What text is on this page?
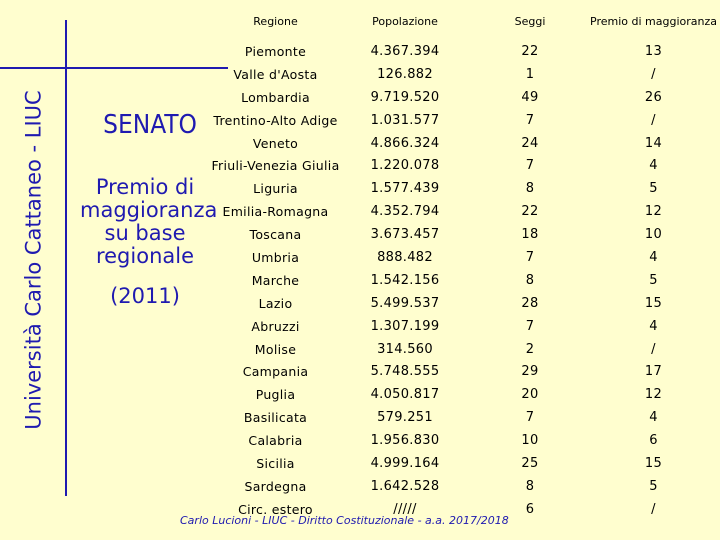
Università Carlo Cattaneo - LIUC	SENATO
Premio di
maggioranza
su base
regionale
(2011)
Regione	Popolazione	Seggi	Premio di maggioranza
Piemonte	4.367.394	22	13
Valle d'Aosta	126.882	1	/
Lombardia	9.719.520	49	26
Trentino-Alto Adige	1.031.577	7	/
Veneto	4.866.324	24	14
Friuli-Venezia Giulia	1.220.078	7	4
Liguria	1.577.439	8	5
Emilia-Romagna	4.352.794	22	12
Toscana	3.673.457	18	10
Umbria	888.482	7	4
Marche	1.542.156	8	5
Lazio	5.499.537	28	15
Abruzzi	1.307.199	7	4
Molise	314.560	2	/
Campania	5.748.555	29	17
Puglia	4.050.817	20	12
Basilicata	579.251	7	4
Calabria	1.956.830	10	6
Sicilia	4.999.164	25	15
Sardegna	1.642.528	8	5
Circ. estero	/////	6	/
Carlo Lucioni - LIUC - Diritto Costituzionale - a.a. 2017/2018
